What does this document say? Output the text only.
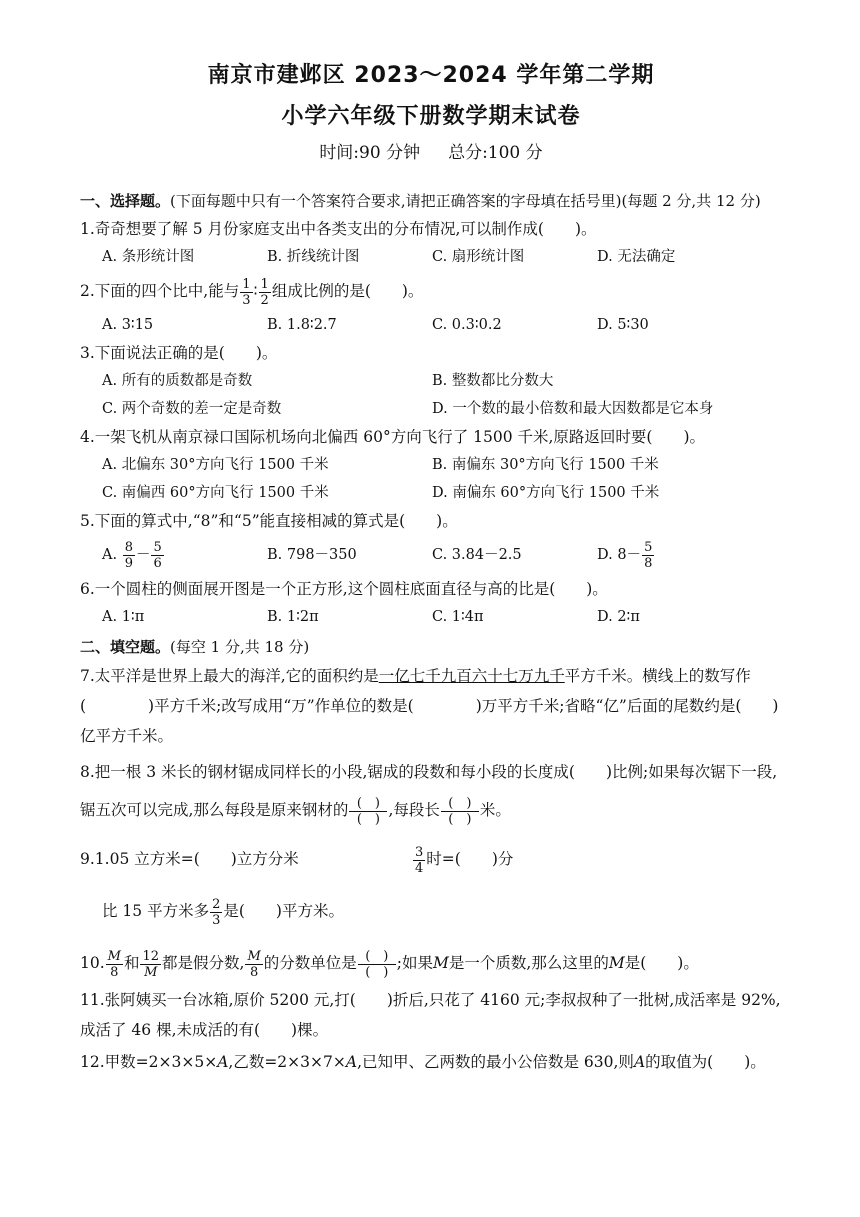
南京市建邺区 2023～2024 学年第二学期
小学六年级下册数学期末试卷
时间:90 分钟 总分:100 分
一、选择题。(下面每题中只有一个答案符合要求,请把正确答案的字母填在括号里)(每题 2 分,共 12 分)
1.奇奇想要了解 5 月份家庭支出中各类支出的分布情况,可以制作成(　　)。
A. 条形统计图	B. 折线统计图	C. 扇形统计图	D. 无法确定
2.下面的四个比中,能与 $\frac{1}{3}$ ∶ $\frac{1}{2}$ 组成比例的是(　　)。
A. 3∶15	B. 1.8∶2.7	C. 0.3∶0.2	D. 5∶30
3.下面说法正确的是(　　)。
A. 所有的质数都是奇数	B. 整数都比分数大
C. 两个奇数的差一定是奇数	D. 一个数的最小倍数和最大因数都是它本身
4.一架飞机从南京禄口国际机场向北偏西 60°方向飞行了 1500 千米,原路返回时要(　　)。
A. 北偏东 30°方向飞行 1500 千米	B. 南偏东 30°方向飞行 1500 千米
C. 南偏西 60°方向飞行 1500 千米	D. 南偏东 60°方向飞行 1500 千米
5.下面的算式中,“8”和“5”能直接相减的算式是(　　)。
A. $\frac{8}{9} - \frac{5}{6}$	B. 798－350	C. 3.84－2.5	D. $8- \frac{5}{8}$
6.一个圆柱的侧面展开图是一个正方形,这个圆柱底面直径与高的比是(　　)。
A. 1∶π	B. 1∶2π	C. 1∶4π	D. 2∶π
二、填空题。(每空 1 分,共 18 分)
7.太平洋是世界上最大的海洋,它的面积约是一亿七千九百六十七万九千平方千米。横线上的数写作(　　　　)平方千米;改写成用“万”作单位的数是(　　　　)万平方千米;省略“亿”后面的尾数约是(　　)亿平方千米。
8.把一根 3 米长的钢材锯成同样长的小段,锯成的段数和每小段的长度成(　　)比例;如果每次锯下一段,锯五次可以完成,那么每段是原来钢材的 $\frac{( )}{( )}$ ,每段长 $\frac{( )}{( )}$ 米。
9.1.05 立方米=(　　)立方分米	$\frac{3}{4}$ 时=(　　)分
比 15 平方米多 $\frac{2}{3}$ 是(　　)平方米。
10. $\frac{M}{8}$ 和 $\frac{12}{M}$ 都是假分数, $\frac{M}{8}$ 的分数单位是 $\frac{( )}{( )}$ ;如果M是一个质数,那么这里的M是(　　)。
11.张阿姨买一台冰箱,原价 5200 元,打(　　)折后,只花了 4160 元;李叔叔种了一批树,成活率是 92%,成活了 46 棵,未成活的有(　　)棵。
12.甲数=2×3×5×A,乙数=2×3×7×A,已知甲、乙两数的最小公倍数是 630,则A的取值为(　　)。
